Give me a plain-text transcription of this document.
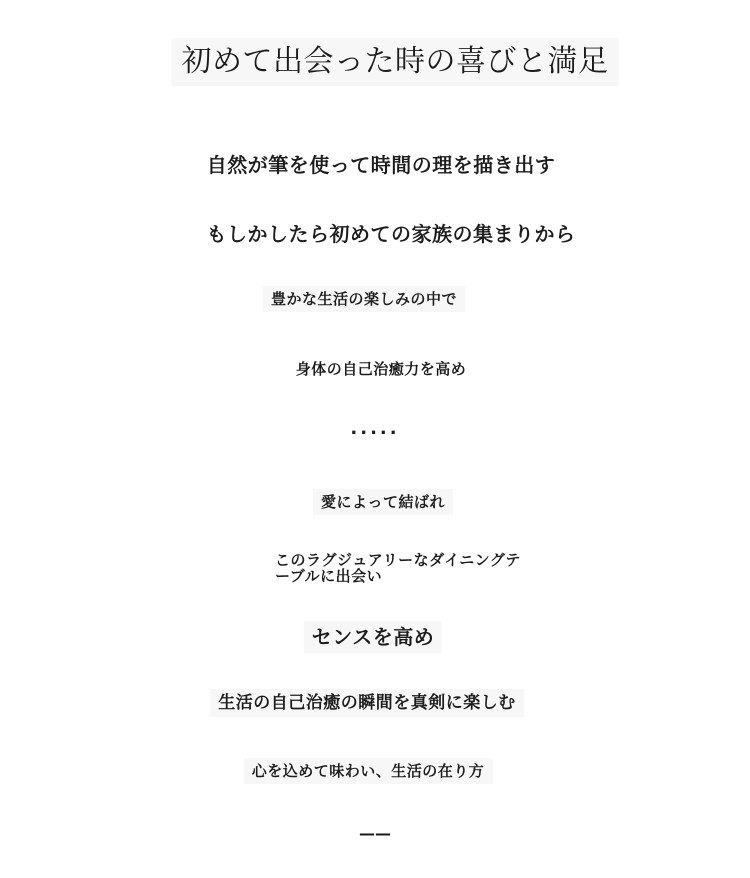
初めて出会った時の喜びと満足
自然が筆を使って時間の理を描き出す
もしかしたら初めての家族の集まりから
豊かな生活の楽しみの中で
身体の自己治癒力を高め
.....
愛によって結ばれ
このラグジュアリーなダイニングテ
ーブルに出会い
センスを高め
生活の自己治癒の瞬間を真剣に楽しむ
心を込めて味わい、生活の在り方
——
